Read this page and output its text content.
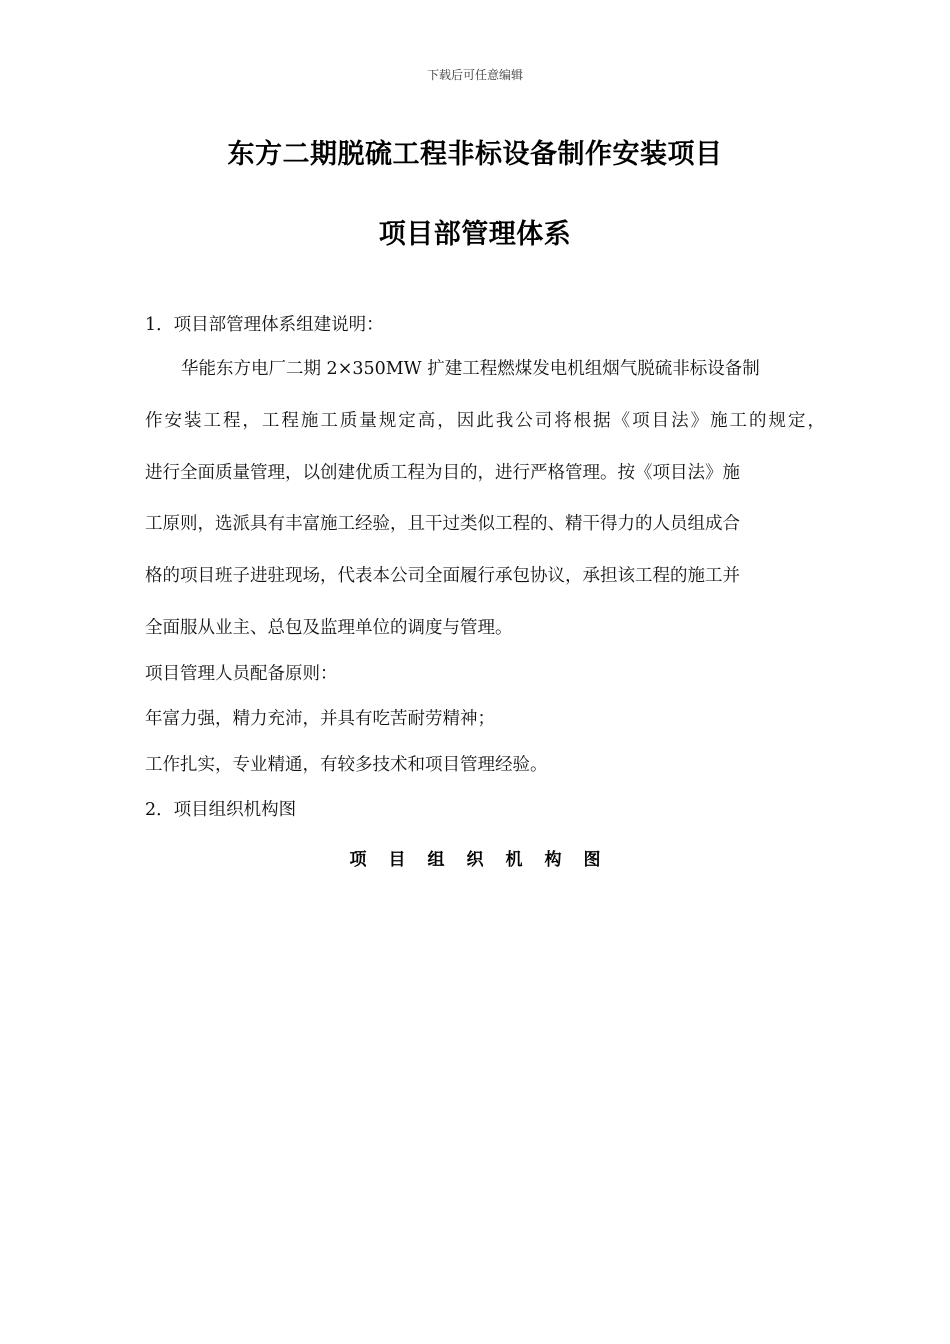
下载后可任意编辑
东方二期脱硫工程非标设备制作安装项目
项目部管理体系
1．项目部管理体系组建说明：
华能东方电厂二期 2×350MW 扩建工程燃煤发电机组烟气脱硫非标设备制
作安装工程，工程施工质量规定高，因此我公司将根据《项目法》施工的规定，
进行全面质量管理，以创建优质工程为目的，进行严格管理。按《项目法》施
工原则，选派具有丰富施工经验，且干过类似工程的、精干得力的人员组成合
格的项目班子进驻现场，代表本公司全面履行承包协议，承担该工程的施工并
全面服从业主、总包及监理单位的调度与管理。
项目管理人员配备原则：
年富力强，精力充沛，并具有吃苦耐劳精神；
工作扎实，专业精通，有较多技术和项目管理经验。
2．项目组织机构图
项目组织机构图
